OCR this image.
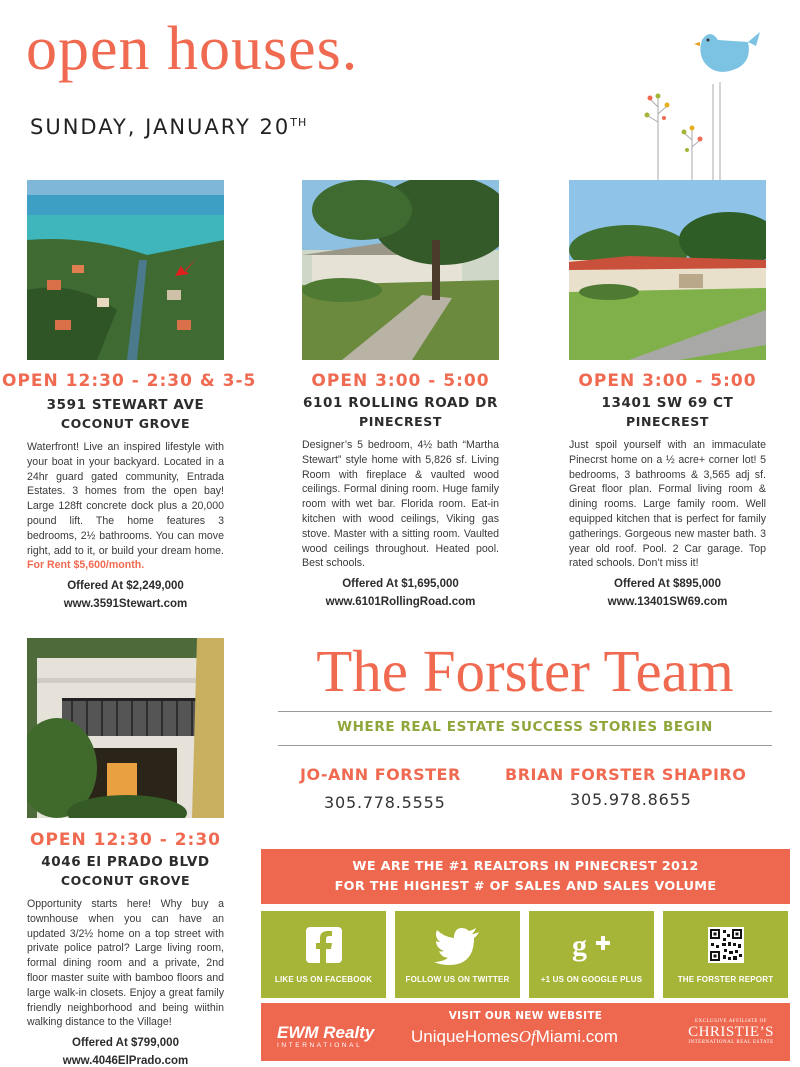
open houses.
SUNDAY, JANUARY 20TH
OPEN 12:30 - 2:30 & 3-5
3591 STEWART AVE
COCONUT GROVE
Waterfront! Live an inspired lifestyle with your boat in your backyard. Located in a 24hr guard gated community, Entrada Estates. 3 homes from the open bay! Large 128ft concrete dock plus a 20,000 pound lift. The home features 3 bedrooms, 2½ bathrooms. You can move right, add to it, or build your dream home. For Rent $5,600/month.
Offered At $2,249,000
www.3591Stewart.com
OPEN 3:00 - 5:00
6101 ROLLING ROAD DR
PINECREST
Designer’s 5 bedroom, 4½ bath “Martha Stewart” style home with 5,826 sf. Living Room with fireplace & vaulted wood ceilings. Formal dining room. Huge family room with wet bar. Florida room. Eat-in kitchen with wood ceilings, Viking gas stove. Master with a sitting room. Vaulted wood ceilings throughout. Heated pool. Best schools.
Offered At $1,695,000
www.6101RollingRoad.com
OPEN 3:00 - 5:00
13401 SW 69 CT
PINECREST
Just spoil yourself with an immaculate Pinecrst home on a ½ acre+ corner lot! 5 bedrooms, 3 bathrooms & 3,565 adj sf. Great floor plan. Formal living room & dining rooms. Large family room. Well equipped kitchen that is perfect for family gatherings. Gorgeous new master bath. 3 year old roof. Pool. 2 Car garage. Top rated schools. Don’t miss it!
Offered At $895,000
www.13401SW69.com
OPEN 12:30 - 2:30
4046 El PRADO BLVD
COCONUT GROVE
Opportunity starts here! Why buy a townhouse when you can have an updated 3/2½ home on a top street with private police patrol? Large living room, formal dining room and a private, 2nd floor master suite with bamboo floors and large walk-in closets. Enjoy a great family friendly neighborhood and being wiithin walking distance to the Village!
Offered At $799,000
www.4046ElPrado.com
The Forster Team
WHERE REAL ESTATE SUCCESS STORIES BEGIN
JO-ANN FORSTER
305.778.5555
BRIAN FORSTER SHAPIRO
305.978.8655
WE ARE THE #1 REALTORS IN PINECREST 2012
FOR THE HIGHEST # OF SALES AND SALES VOLUME
LIKE US ON FACEBOOK	FOLLOW US ON TWITTER
g
+1 US ON GOOGLE PLUS	THE FORSTER REPORT
VISIT OUR NEW WEBSITE
EWM Realty
INTERNATIONAL	UniqueHomesOfMiami.com
EXCLUSIVE AFFILIATE OF
CHRISTIE’S
INTERNATIONAL REAL ESTATE
